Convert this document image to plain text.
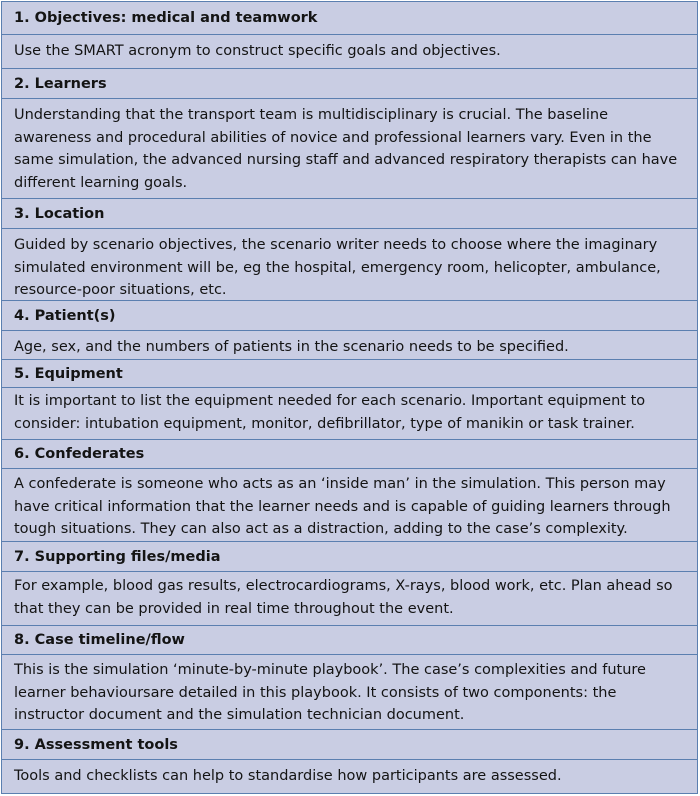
1. Objectives: medical and teamwork
Use the SMART acronym to construct specific goals and objectives.
2. Learners
Understanding that the transport team is multidisciplinary is crucial. The baseline
awareness and procedural abilities of novice and professional learners vary. Even in the
same simulation, the advanced nursing staff and advanced respiratory therapists can have
different learning goals.
3. Location
Guided by scenario objectives, the scenario writer needs to choose where the imaginary
simulated environment will be, eg the hospital, emergency room, helicopter, ambulance,
resource-poor situations, etc.
4. Patient(s)
Age, sex, and the numbers of patients in the scenario needs to be specified.
5. Equipment
It is important to list the equipment needed for each scenario. Important equipment to
consider: intubation equipment, monitor, defibrillator, type of manikin or task trainer.
6. Confederates
A confederate is someone who acts as an ‘inside man’ in the simulation. This person may
have critical information that the learner needs and is capable of guiding learners through
tough situations. They can also act as a distraction, adding to the case’s complexity.
7. Supporting files/media
For example, blood gas results, electrocardiograms, X-rays, blood work, etc. Plan ahead so
that they can be provided in real time throughout the event.
8. Case timeline/flow
This is the simulation ‘minute-by-minute playbook’. The case’s complexities and future
learner behavioursare detailed in this playbook. It consists of two components: the
instructor document and the simulation technician document.
9. Assessment tools
Tools and checklists can help to standardise how participants are assessed.
